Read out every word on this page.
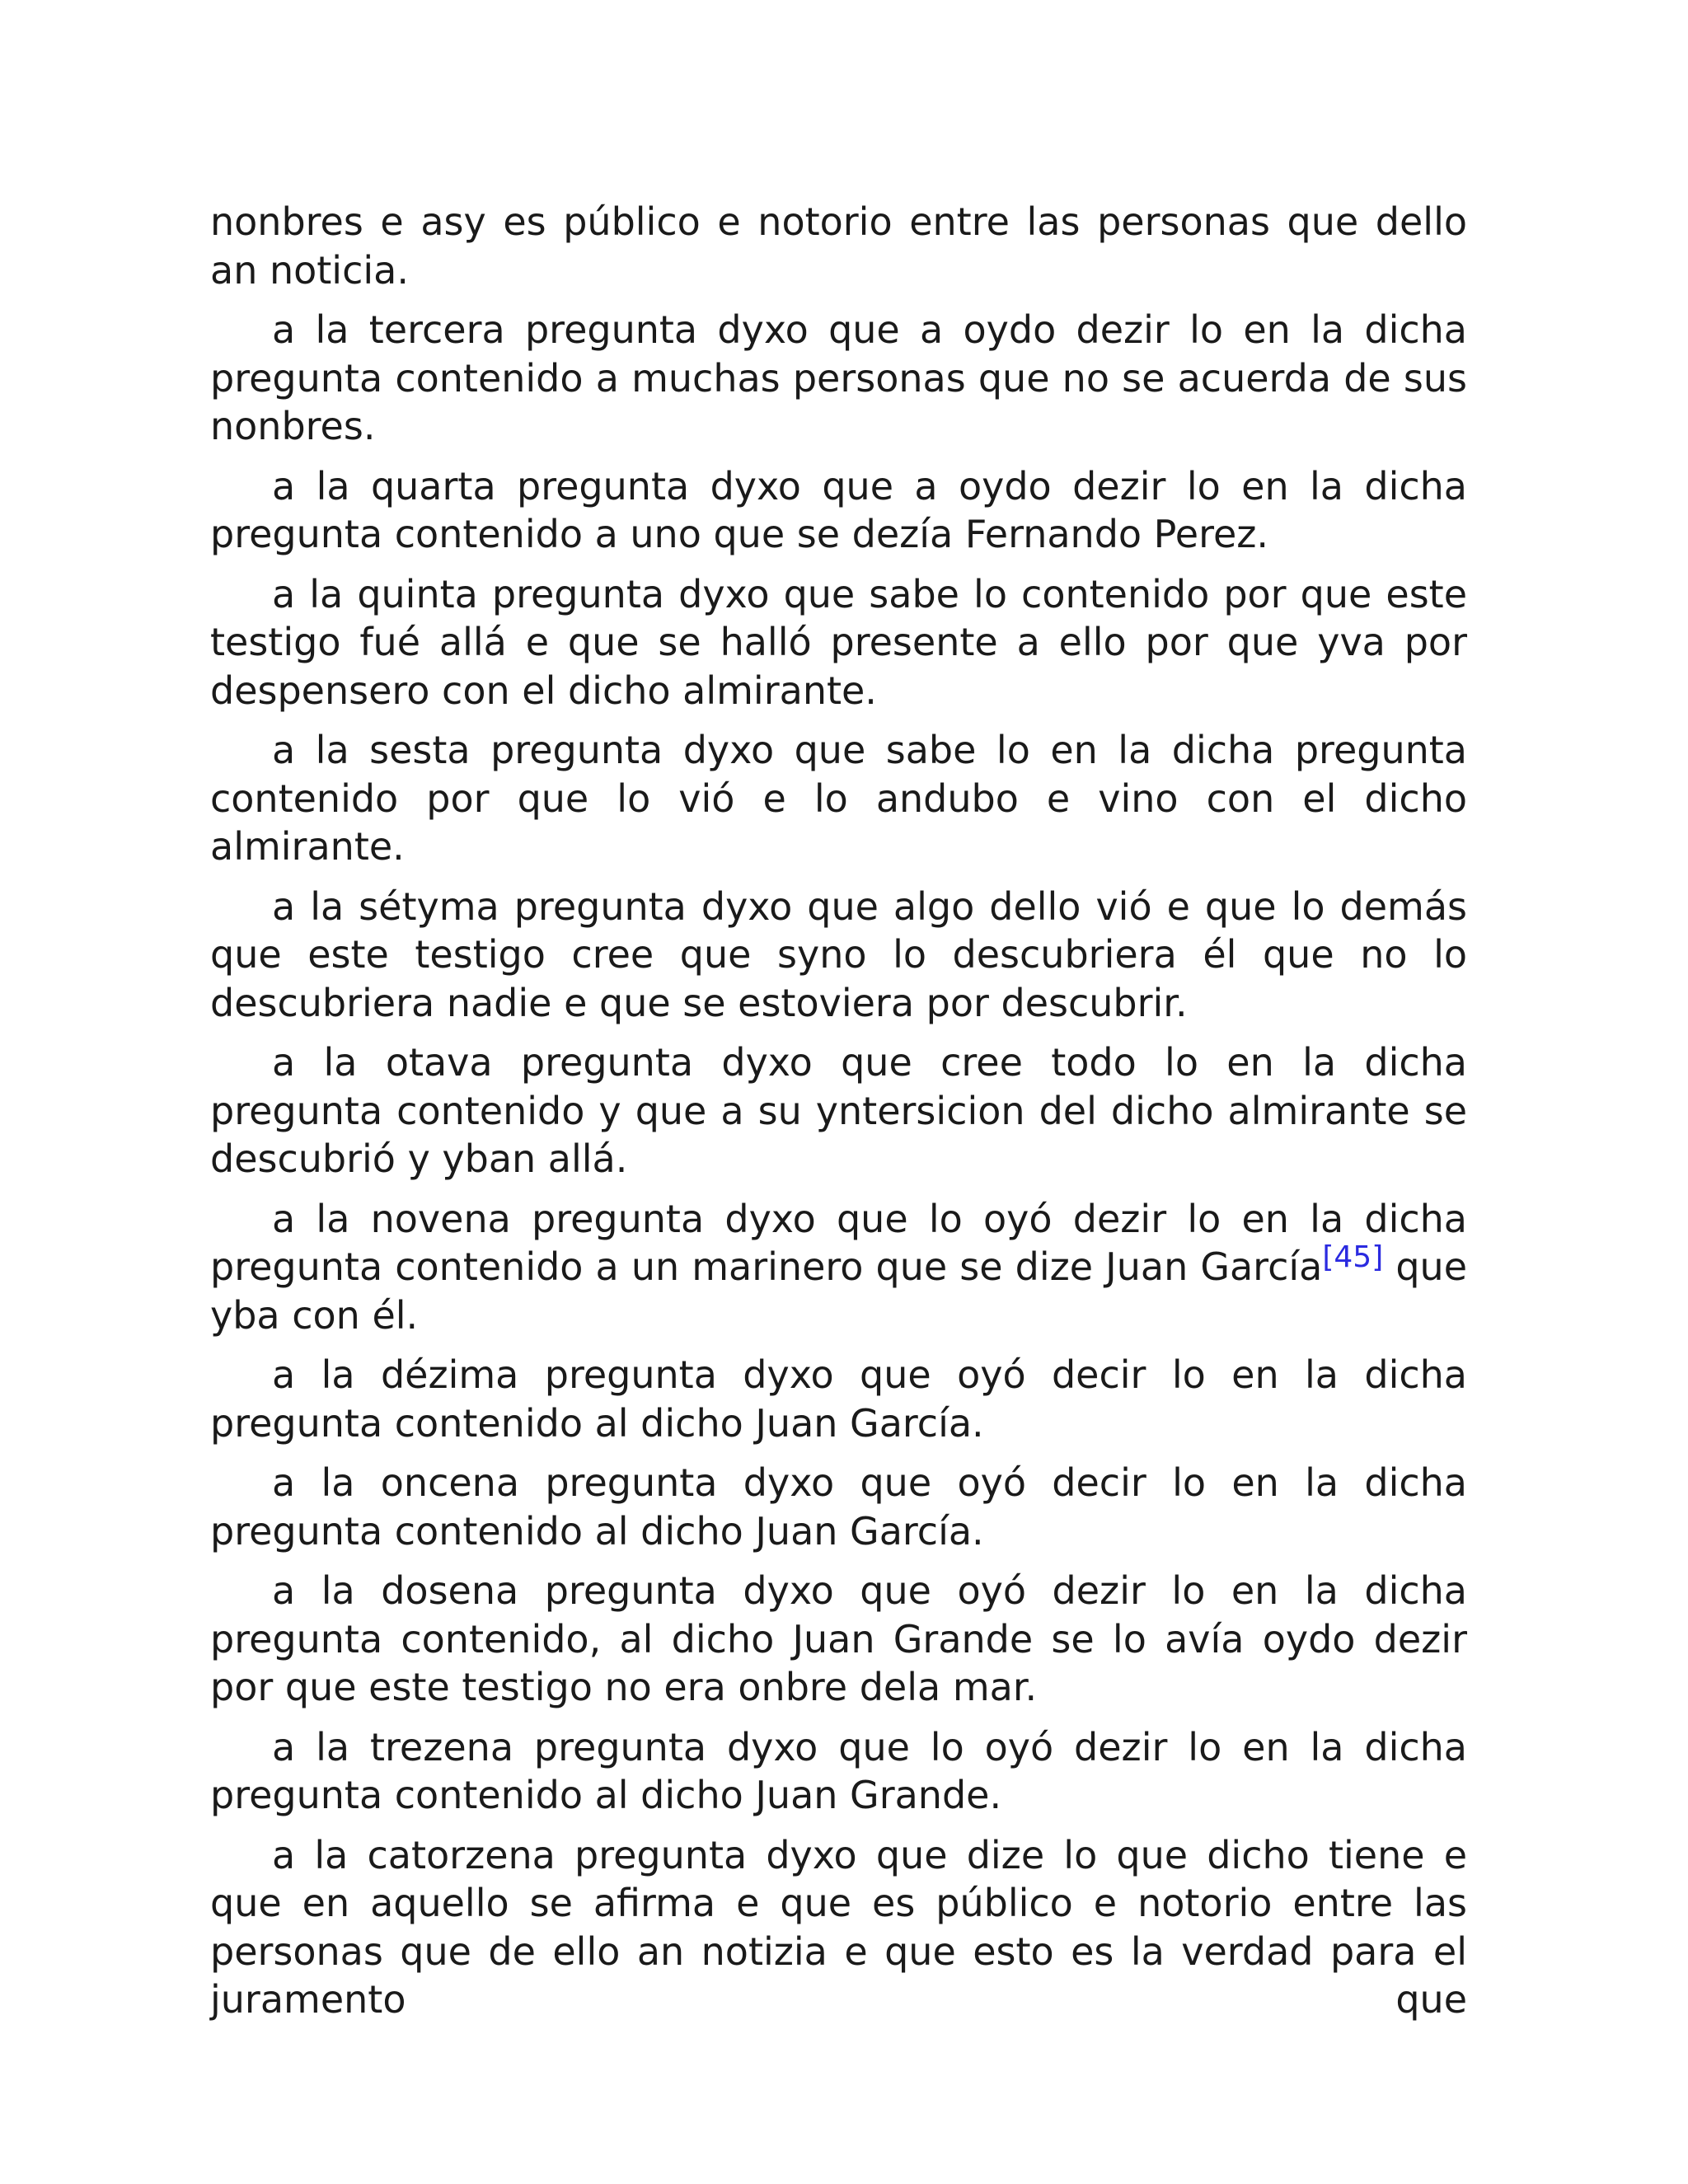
nonbres e asy es público e notorio entre las personas que dello an noticia.

a la tercera pregunta dyxo que a oydo dezir lo en la dicha pregunta contenido a muchas personas que no se acuerda de sus nonbres.

a la quarta pregunta dyxo que a oydo dezir lo en la dicha pregunta contenido a uno que se dezía Fernando Perez.

a la quinta pregunta dyxo que sabe lo contenido por que este testigo fué allá e que se halló presente a ello por que yva por despensero con el dicho almirante.

a la sesta pregunta dyxo que sabe lo en la dicha pregunta contenido por que lo vió e lo andubo e vino con el dicho almirante.

a la sétyma pregunta dyxo que algo dello vió e que lo demás que este testigo cree que syno lo descubriera él que no lo descubriera nadie e que se estoviera por descubrir.

a la otava pregunta dyxo que cree todo lo en la dicha pregunta contenido y que a su yntersicion del dicho almirante se descubrió y yban allá.

a la novena pregunta dyxo que lo oyó dezir lo en la dicha pregunta contenido a un marinero que se dize Juan García[45] que yba con él.

a la dézima pregunta dyxo que oyó decir lo en la dicha pregunta contenido al dicho Juan García.

a la oncena pregunta dyxo que oyó decir lo en la dicha pregunta contenido al dicho Juan García.

a la dosena pregunta dyxo que oyó dezir lo en la dicha pregunta contenido, al dicho Juan Grande se lo avía oydo dezir por que este testigo no era onbre dela mar.

a la trezena pregunta dyxo que lo oyó dezir lo en la dicha pregunta contenido al dicho Juan Grande.

a la catorzena pregunta dyxo que dize lo que dicho tiene e que en aquello se afirma e que es público e notorio entre las personas que de ello an notizia e que esto es la verdad para el juramento que
